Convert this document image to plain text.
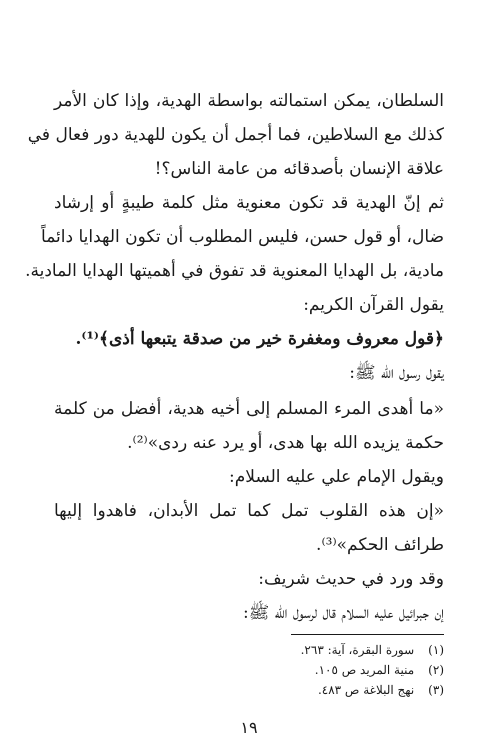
السلطان، يمكن استمالته بواسطة الهدية، وإذا كان الأمر
كذلك مع السلاطين، فما أجمل أن يكون للهدية دور فعال في
علاقة الإنسان بأصدقائه من عامة الناس؟!
ثم إنّ الهدية قد تكون معنوية مثل كلمة طيبةٍ أو إرشاد
ضال، أو قول حسن، فليس المطلوب أن تكون الهدايا دائماً
مادية، بل الهدايا المعنوية قد تفوق في أهميتها الهدايا المادية.
يقول القرآن الكريم:
﴿قول معروف ومغفرة خير من صدقة يتبعها أذى﴾⁽¹⁾.
يقول رسول الله ﷺ:
«ما أهدى المرء المسلم إلى أخيه هدية، أفضل من كلمة
حكمة يزيده الله بها هدى، أو يرد عنه ردى»⁽²⁾.
ويقول الإمام علي عليه السلام:
«إن هذه القلوب تمل كما تمل الأبدان، فاهدوا إليها
طرائف الحكم»⁽³⁾.
وقد ورد في حديث شريف:
إن جبرائيل عليه السلام قال لرسول الله ﷺ:
(١) سورة البقرة، آية: ٢٦٣.
(٢) منية المريد ص ١٠٥.
(٣) نهج البلاغة ص ٤٨٣.
١٩
